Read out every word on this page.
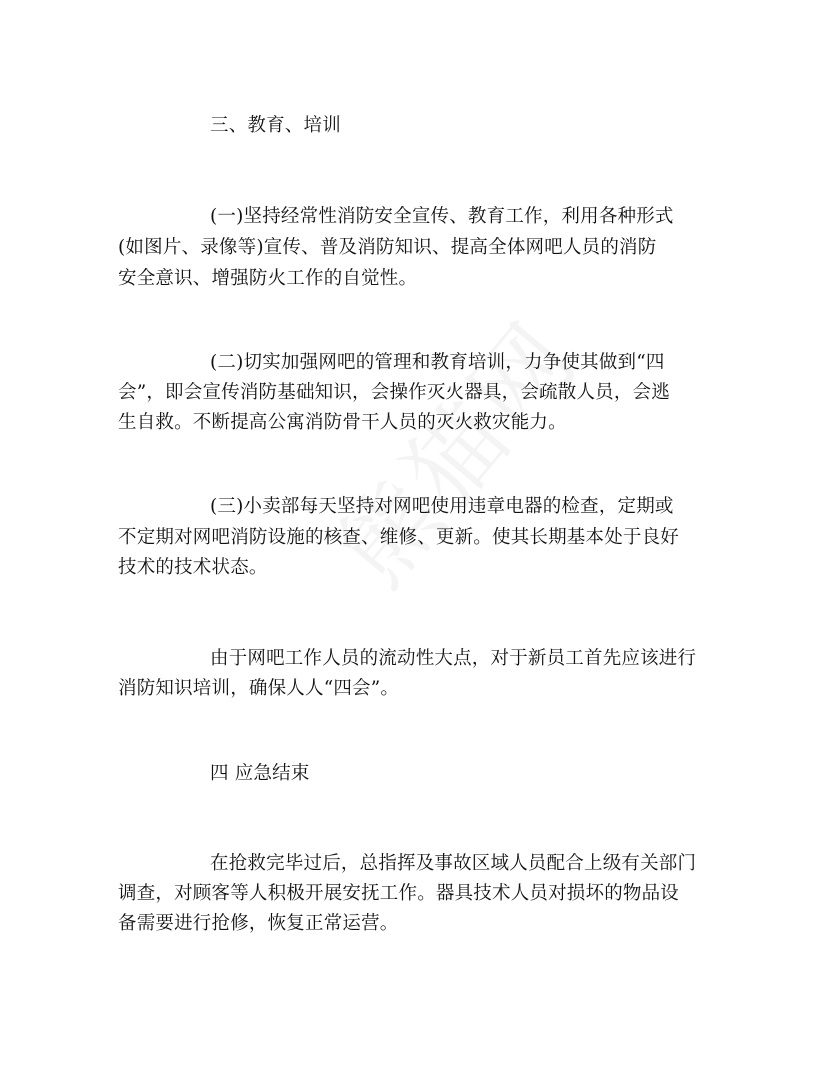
三、教育、培训
(一)坚持经常性消防安全宣传、教育工作，利用各种形式
(如图片、录像等)宣传、普及消防知识、提高全体网吧人员的消防
安全意识、增强防火工作的自觉性。
(二)切实加强网吧的管理和教育培训，力争使其做到“四
会”，即会宣传消防基础知识，会操作灭火器具，会疏散人员，会逃
生自救。不断提高公寓消防骨干人员的灭火救灾能力。
(三)小卖部每天坚持对网吧使用违章电器的检查，定期或
不定期对网吧消防设施的核查、维修、更新。使其长期基本处于良好
技术的技术状态。
由于网吧工作人员的流动性大点，对于新员工首先应该进行
消防知识培训，确保人人“四会”。
四 应急结束
在抢救完毕过后，总指挥及事故区域人员配合上级有关部门
调查，对顾客等人积极开展安抚工作。器具技术人员对损坏的物品设
备需要进行抢修，恢复正常运营。
